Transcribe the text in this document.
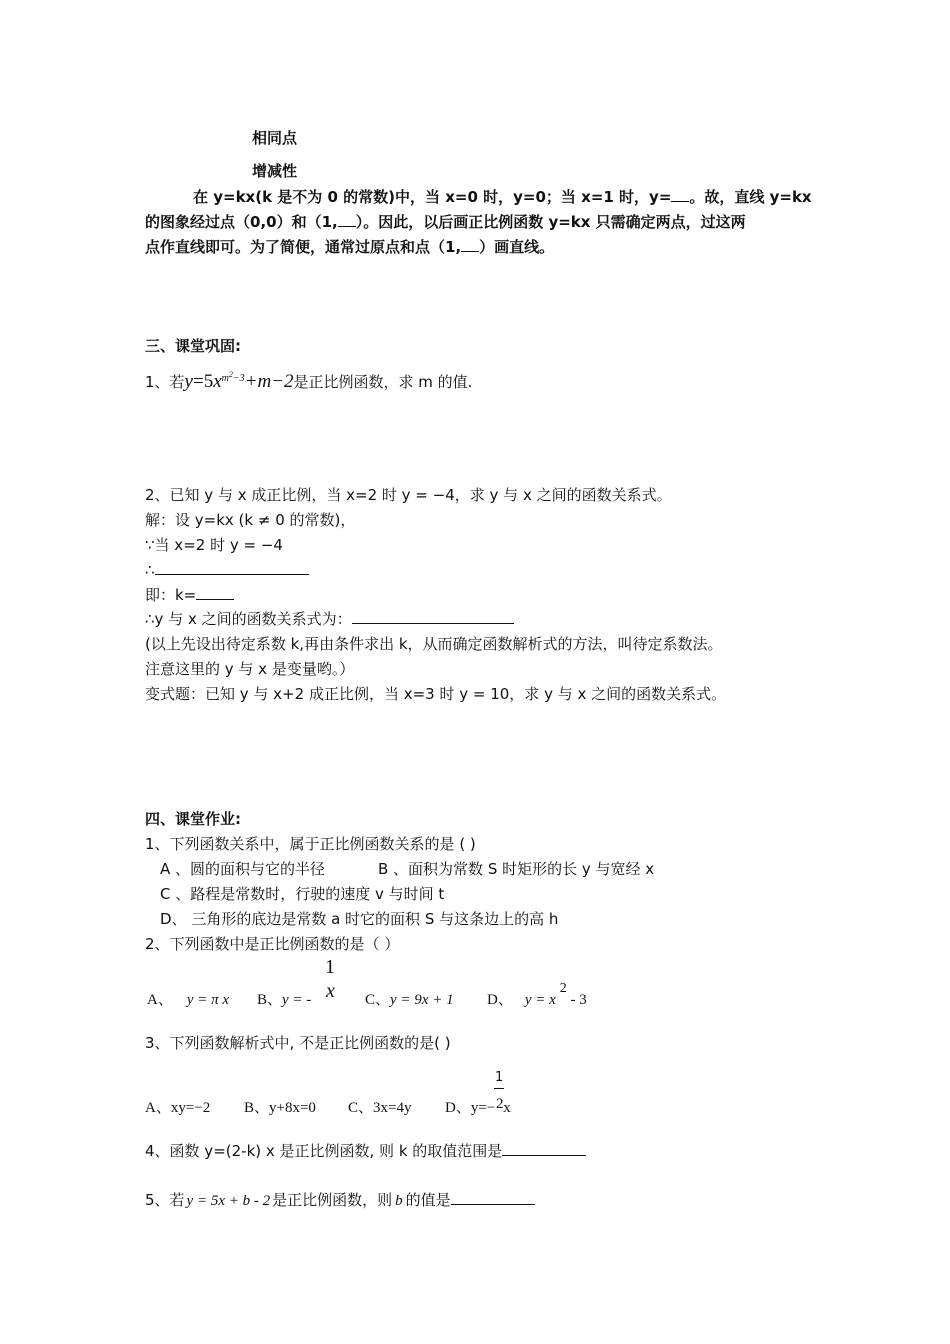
相同点
增减性
在 y=kx(k 是不为 0 的常数)中，当 x=0 时，y=0；当 x=1 时，y= 。故，直线 y=kx
的图象经过点（0,0）和（1, ）。因此，以后画正比例函数 y=kx 只需确定两点，过这两
点作直线即可。为了简便，通常过原点和点（1, ）画直线。
三、课堂巩固:
1、若$y=5x^{m^2-3}+m-2$是正比例函数，求 m 的值.
2、已知 y 与 x 成正比例，当 x=2 时 y = −4，求 y 与 x 之间的函数关系式。
解：设 y=kx (k ≠ 0 的常数)，
∵当 x=2 时 y = −4
∴
即：k=
∴y 与 x 之间的函数关系式为：
(以上先设出待定系数 k,再由条件求出 k，从而确定函数解析式的方法，叫待定系数法。
注意这里的 y 与 x 是变量哟。）
变式题：已知 y 与 x+2 成正比例，当 x=3 时 y = 10，求 y 与 x 之间的函数关系式。
四、课堂作业:
1、下列函数关系中，属于正比例函数关系的是 ( )
A 、圆的面积与它的半径	B 、面积为常数 S 时矩形的长 y 与宽经 x
C 、路程是常数时，行驶的速度 v 与时间 t
D、 三角形的底边是常数 a 时它的面积 S 与这条边上的高 h
2、下列函数中是正比例函数的是（ ）
A、 y = π x B、y = -
1
x C、y = 9x + 1 D、 y = x2 - 3
3、下列函数解析式中, 不是正比例函数的是( )
A、xy=−2 B、y+8x=0 C、3x=4y D、y=− x
1
2
4、函数 y=(2-k) x 是正比例函数, 则 k 的取值范围是
5、若 y = 5x + b - 2 是正比例函数，则 b 的值是
